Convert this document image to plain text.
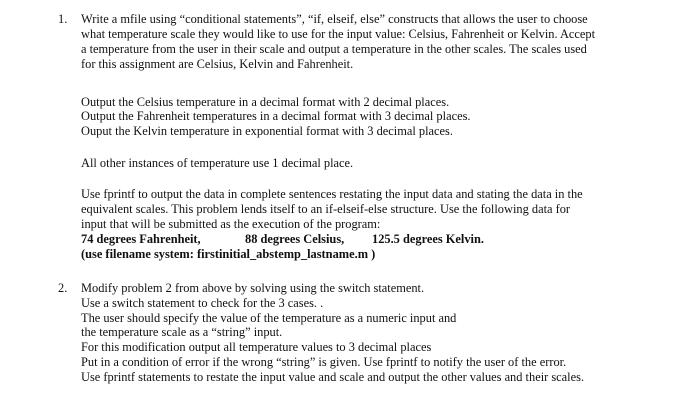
1. Write a mfile using “conditional statements”, “if, elseif, else” constructs that allows the user to choose
what temperature scale they would like to use for the input value: Celsius, Fahrenheit or Kelvin. Accept
a temperature from the user in their scale and output a temperature in the other scales. The scales used
for this assignment are Celsius, Kelvin and Fahrenheit.
Output the Celsius temperature in a decimal format with 2 decimal places.
Output the Fahrenheit temperatures in a decimal format with 3 decimal places.
Ouput the Kelvin temperature in exponential format with 3 decimal places.
All other instances of temperature use 1 decimal place.
Use fprintf to output the data in complete sentences restating the input data and stating the data in the
equivalent scales. This problem lends itself to an if-elseif-else structure. Use the following data for
input that will be submitted as the execution of the program:
74 degrees Fahrenheit,	88 degrees Celsius, 125.5 degrees Kelvin.
(use filename system: firstinitial_abstemp_lastname.m )
2. Modify problem 2 from above by solving using the switch statement.
Use a switch statement to check for the 3 cases. .
The user should specify the value of the temperature as a numeric input and
the temperature scale as a “string” input.
For this modification output all temperature values to 3 decimal places
Put in a condition of error if the wrong “string” is given. Use fprintf to notify the user of the error.
Use fprintf statements to restate the input value and scale and output the other values and their scales.
